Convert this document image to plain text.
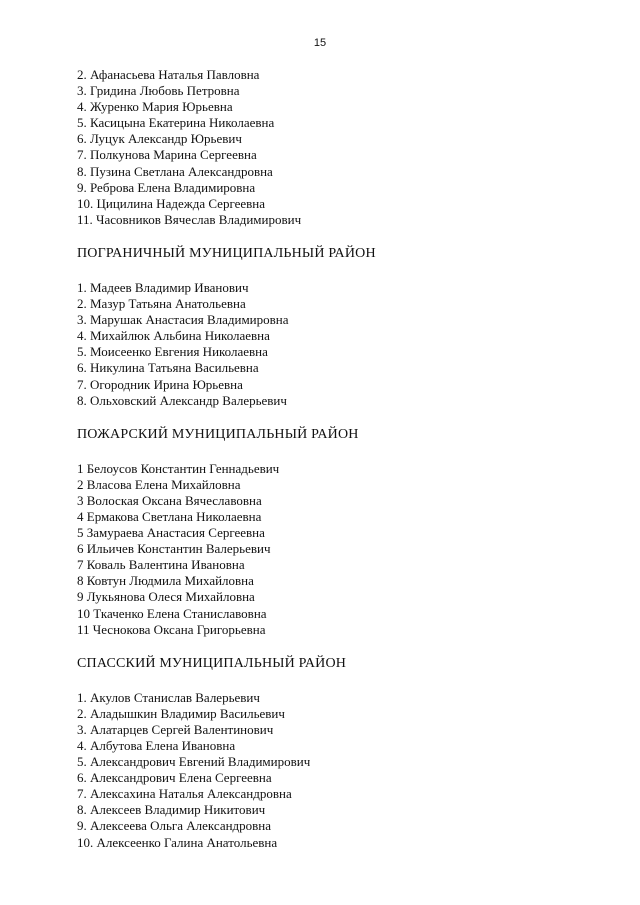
15
2. Афанасьева Наталья Павловна
3. Гридина Любовь Петровна
4. Журенко Мария Юрьевна
5. Касицына Екатерина Николаевна
6. Луцук Александр Юрьевич
7. Полкунова Марина Сергеевна
8. Пузина Светлана Александровна
9. Реброва Елена Владимировна
10. Цицилина Надежда Сергеевна
11. Часовников Вячеслав Владимирович
ПОГРАНИЧНЫЙ МУНИЦИПАЛЬНЫЙ РАЙОН
1. Мадеев Владимир Иванович
2. Мазур Татьяна Анатольевна
3. Марушак Анастасия Владимировна
4. Михайлюк Альбина Николаевна
5. Моисеенко Евгения Николаевна
6. Никулина Татьяна Васильевна
7. Огородник Ирина Юрьевна
8. Ольховский Александр Валерьевич
ПОЖАРСКИЙ МУНИЦИПАЛЬНЫЙ РАЙОН
1 Белоусов Константин Геннадьевич
2 Власова Елена Михайловна
3 Волоская Оксана Вячеславовна
4 Ермакова Светлана Николаевна
5 Замураева Анастасия Сергеевна
6 Ильичев Константин Валерьевич
7 Коваль Валентина Ивановна
8 Ковтун Людмила Михайловна
9 Лукьянова Олеся Михайловна
10 Ткаченко Елена Станиславовна
11 Чеснокова Оксана Григорьевна
СПАССКИЙ МУНИЦИПАЛЬНЫЙ РАЙОН
1. Акулов Станислав Валерьевич
2. Аладышкин Владимир Васильевич
3. Алатарцев Сергей Валентинович
4. Албутова Елена Ивановна
5. Александрович Евгений Владимирович
6. Александрович Елена Сергеевна
7. Алексахина Наталья Александровна
8. Алексеев Владимир Никитович
9. Алексеева Ольга Александровна
10. Алексеенко Галина Анатольевна
